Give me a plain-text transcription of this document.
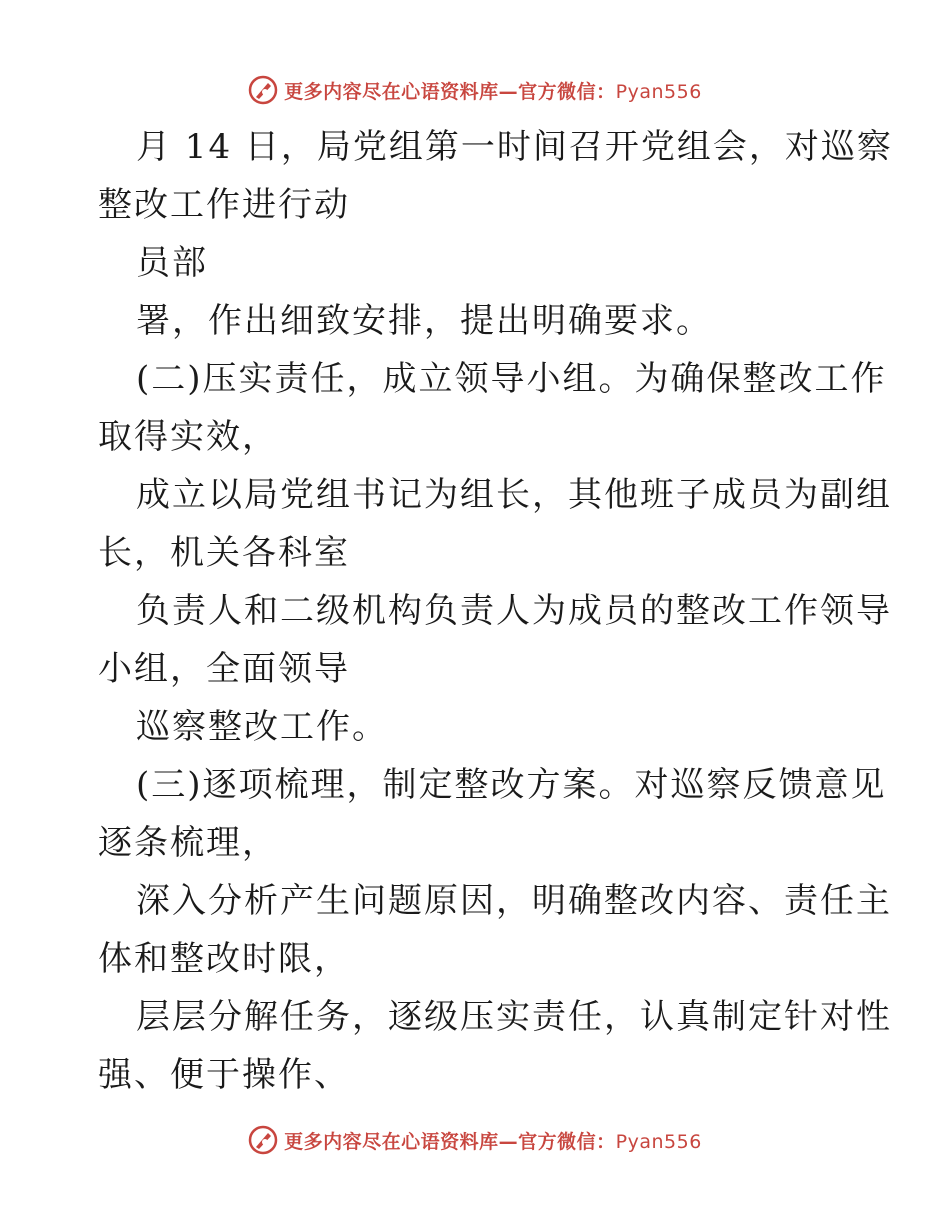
更多内容尽在心语资料库—官方微信：Pyan556
月 14 日，局党组第一时间召开党组会，对巡察
整改工作进行动
员部
署，作出细致安排，提出明确要求。
(二)压实责任，成立领导小组。为确保整改工作
取得实效，
成立以局党组书记为组长，其他班子成员为副组
长，机关各科室
负责人和二级机构负责人为成员的整改工作领导
小组，全面领导
巡察整改工作。
(三)逐项梳理，制定整改方案。对巡察反馈意见
逐条梳理，
深入分析产生问题原因，明确整改内容、责任主
体和整改时限，
层层分解任务，逐级压实责任，认真制定针对性
强、便于操作、
更多内容尽在心语资料库—官方微信：Pyan556
